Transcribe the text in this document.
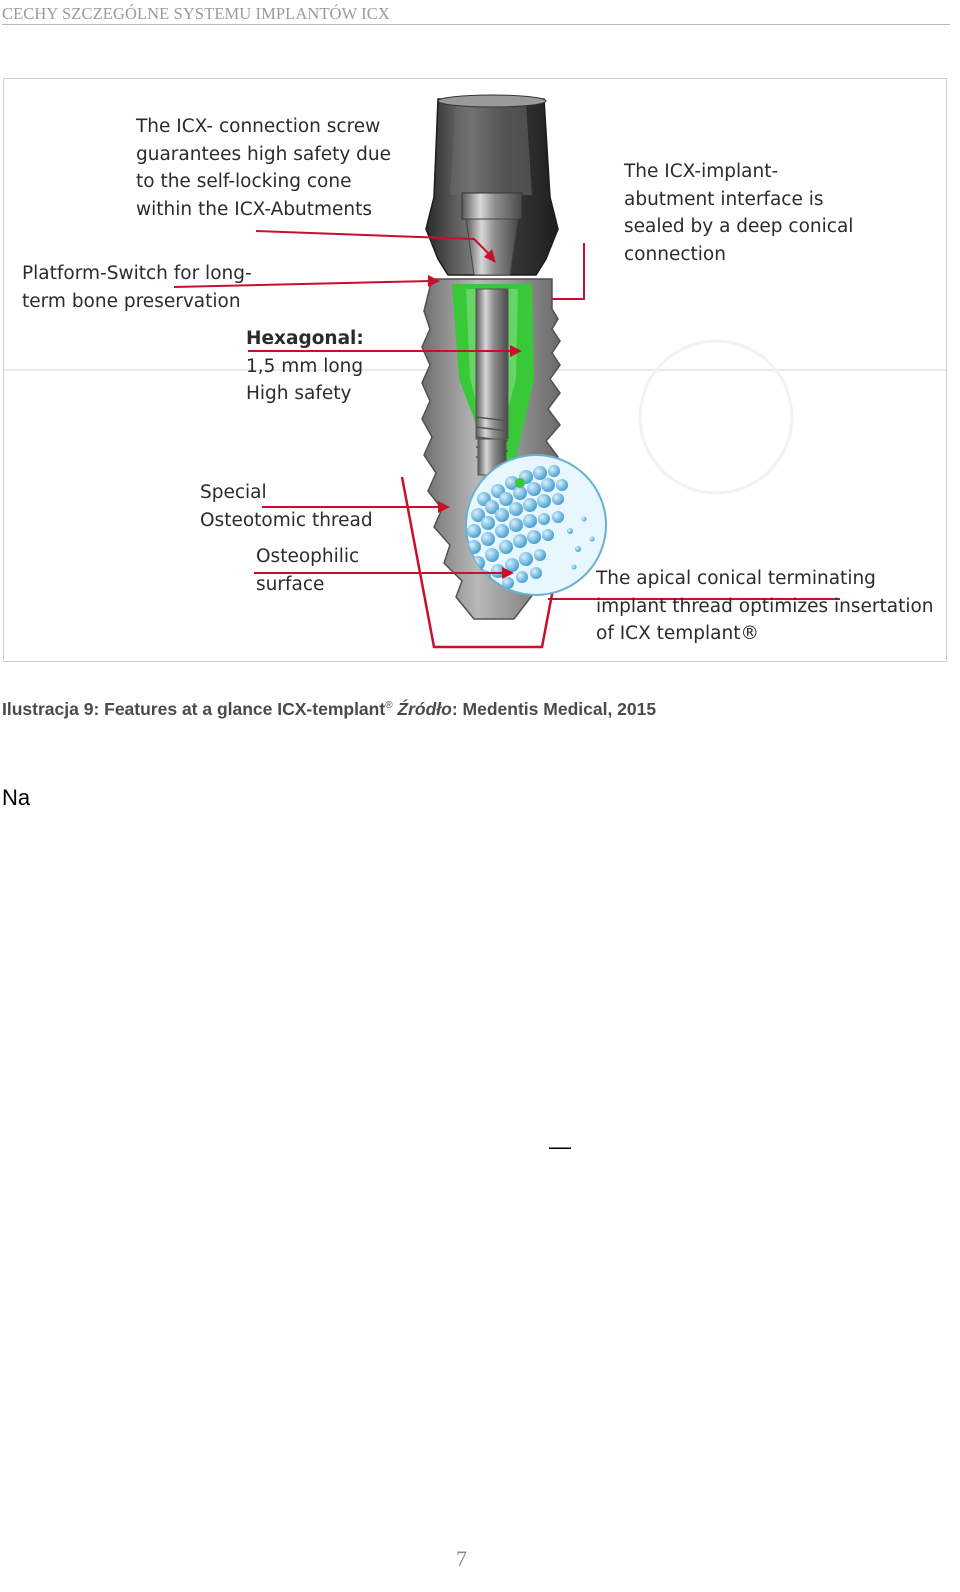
CECHY SZCZEGÓLNE SYSTEMU IMPLANTÓW ICX
The ICX- connection screw
guarantees high safety due
to the self-locking cone
within the ICX-Abutments
The ICX-implant-
abutment interface is
sealed by a deep conical
connection
Platform-Switch for long-
term bone preservation
Hexagonal:
1,5 mm long
High safety
Special
Osteotomic thread
Osteophilic
surface	The apical conical terminating
implant thread optimizes insertation
of ICX templant®
Ilustracja 9: Features at a glance ICX-templant® Źródło: Medentis Medical, 2015
Na
—
7
